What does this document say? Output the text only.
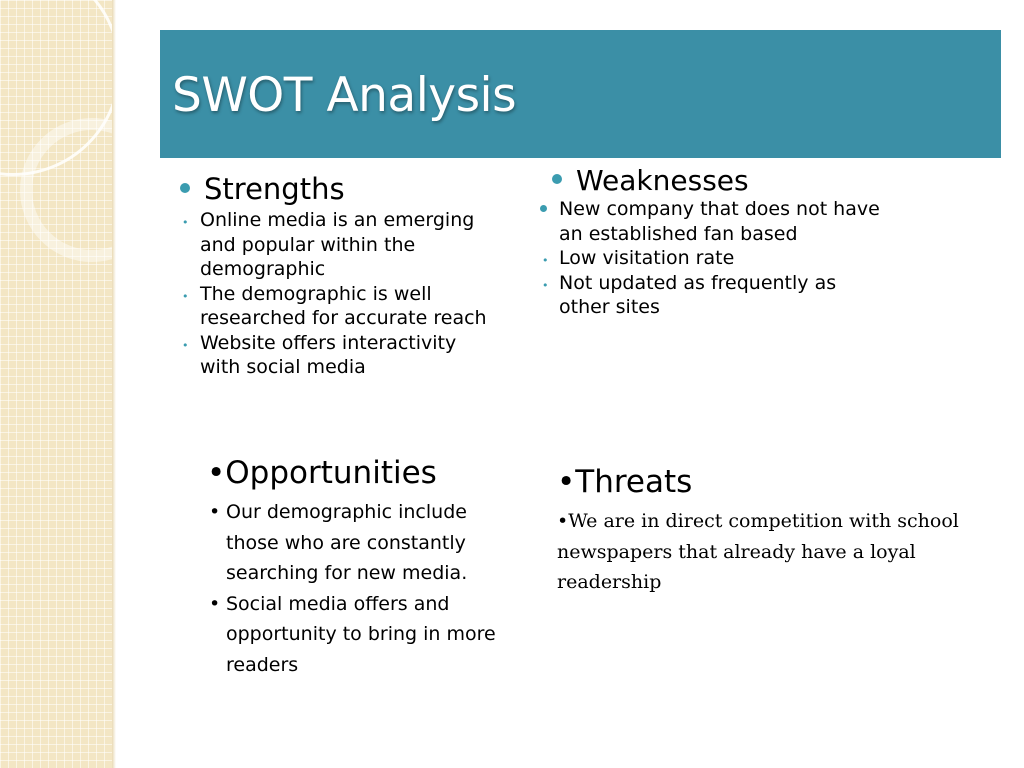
SWOT Analysis
Strengths
• Online media is an emerging and popular within the demographic
• The demographic is well researched for accurate reach
• Website offers interactivity with social media
Weaknesses
New company that does not have an established fan based
• Low visitation rate
• Not updated as frequently as other sites
•Opportunities
• Our demographic include those who are constantly searching for new media.
• Social media offers and opportunity to bring in more readers
•Threats
•We are in direct competition with school newspapers that already have a loyal readership
